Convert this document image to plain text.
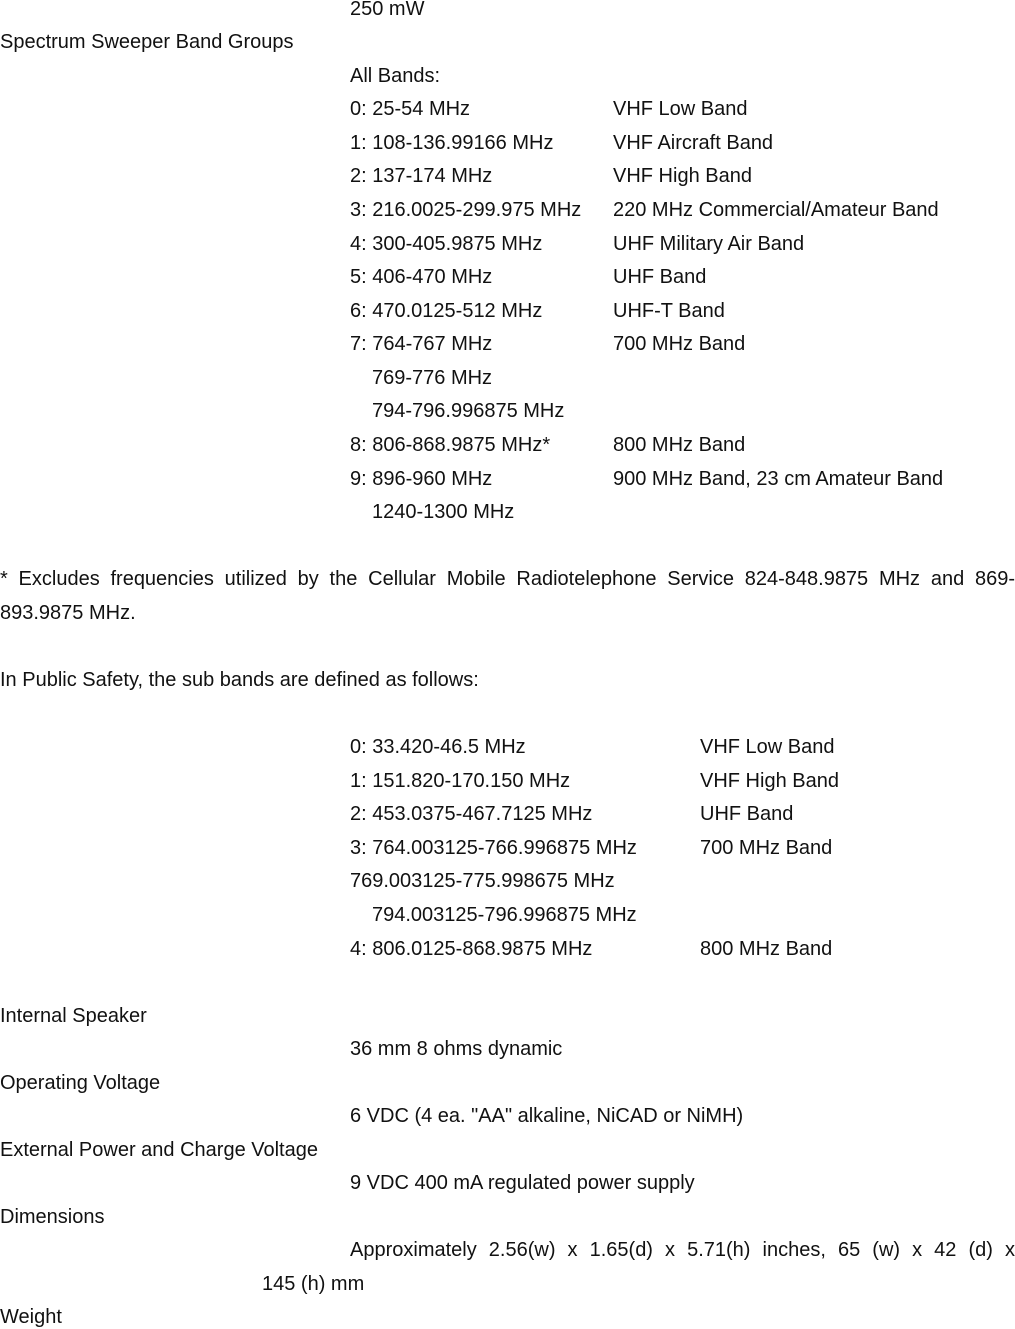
250 mW
Spectrum Sweeper Band Groups
All Bands:
0: 25-54 MHz	VHF Low Band
1: 108-136.99166 MHz	VHF Aircraft Band
2: 137-174 MHz	VHF High Band
3: 216.0025-299.975 MHz 220 MHz Commercial/Amateur Band
4: 300-405.9875 MHz	UHF Military Air Band
5: 406-470 MHz	UHF Band
6: 470.0125-512 MHz	UHF-T Band
7: 764-767 MHz	700 MHz Band
769-776 MHz
794-796.996875 MHz
8: 806-868.9875 MHz*	800 MHz Band
9: 896-960 MHz	900 MHz Band, 23 cm Amateur Band
1240-1300 MHz
* Excludes frequencies utilized by the Cellular Mobile Radiotelephone Service 824-848.9875 MHz and 869-893.9875 MHz.
In Public Safety, the sub bands are defined as follows:
0: 33.420-46.5 MHz	VHF Low Band
1: 151.820-170.150 MHz	VHF High Band
2: 453.0375-467.7125 MHz	UHF Band
3: 764.003125-766.996875 MHz	700 MHz Band
769.003125-775.998675 MHz
794.003125-796.996875 MHz
4: 806.0125-868.9875 MHz	800 MHz Band
Internal Speaker
36 mm 8 ohms dynamic
Operating Voltage
6 VDC (4 ea. "AA" alkaline, NiCAD or NiMH)
External Power and Charge Voltage
9 VDC 400 mA regulated power supply
Dimensions
Approximately 2.56(w) x 1.65(d) x 5.71(h) inches, 65 (w) x 42 (d) x
145 (h) mm
Weight
